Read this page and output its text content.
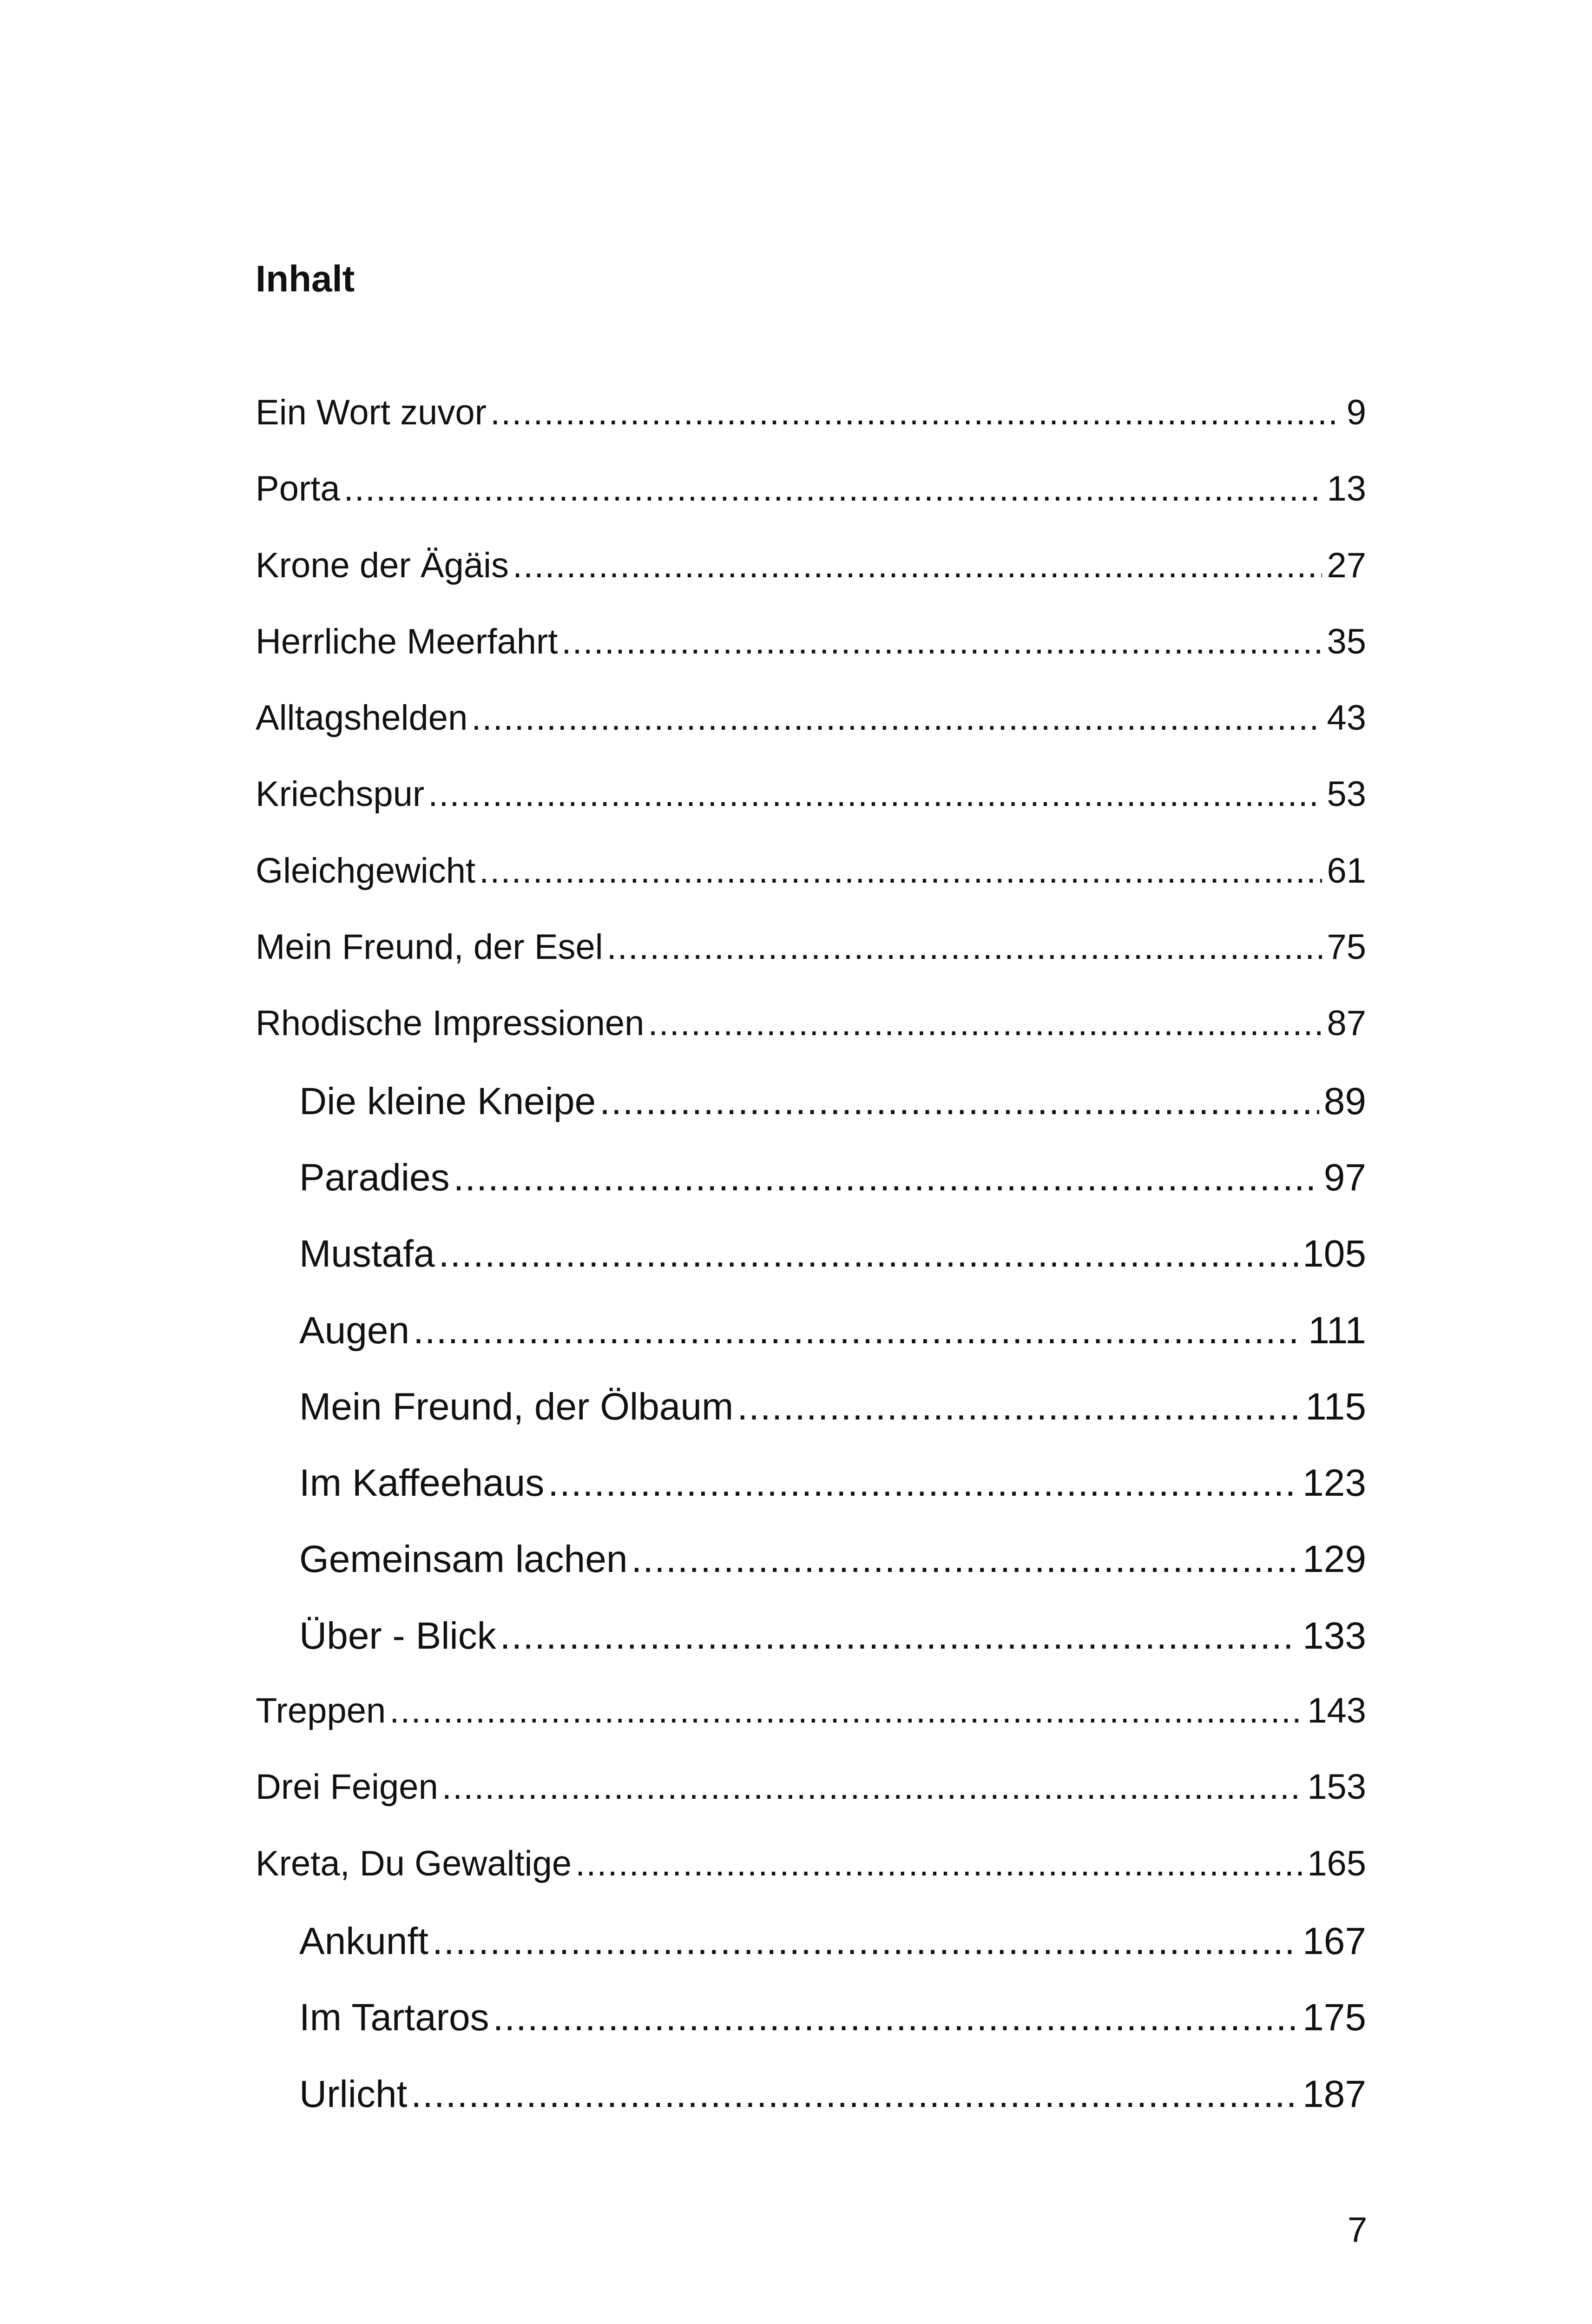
Inhalt
Ein Wort zuvor .....	9
Porta .....	13
Krone der Ägäis .....	27
Herrliche Meerfahrt .....	35
Alltagshelden .....	43
Kriechspur .....	53
Gleichgewicht .....	61
Mein Freund, der Esel .....	75
Rhodische Impressionen .....	87
Die kleine Kneipe .....	89
Paradies .....	97
Mustafa .....	105
Augen .....	111
Mein Freund, der Ölbaum .....	115
Im Kaffeehaus .....	123
Gemeinsam lachen .....	129
Über - Blick .....	133
Treppen .....	143
Drei Feigen .....	153
Kreta, Du Gewaltige .....	165
Ankunft .....	167
Im Tartaros .....	175
Urlicht .....	187
7
